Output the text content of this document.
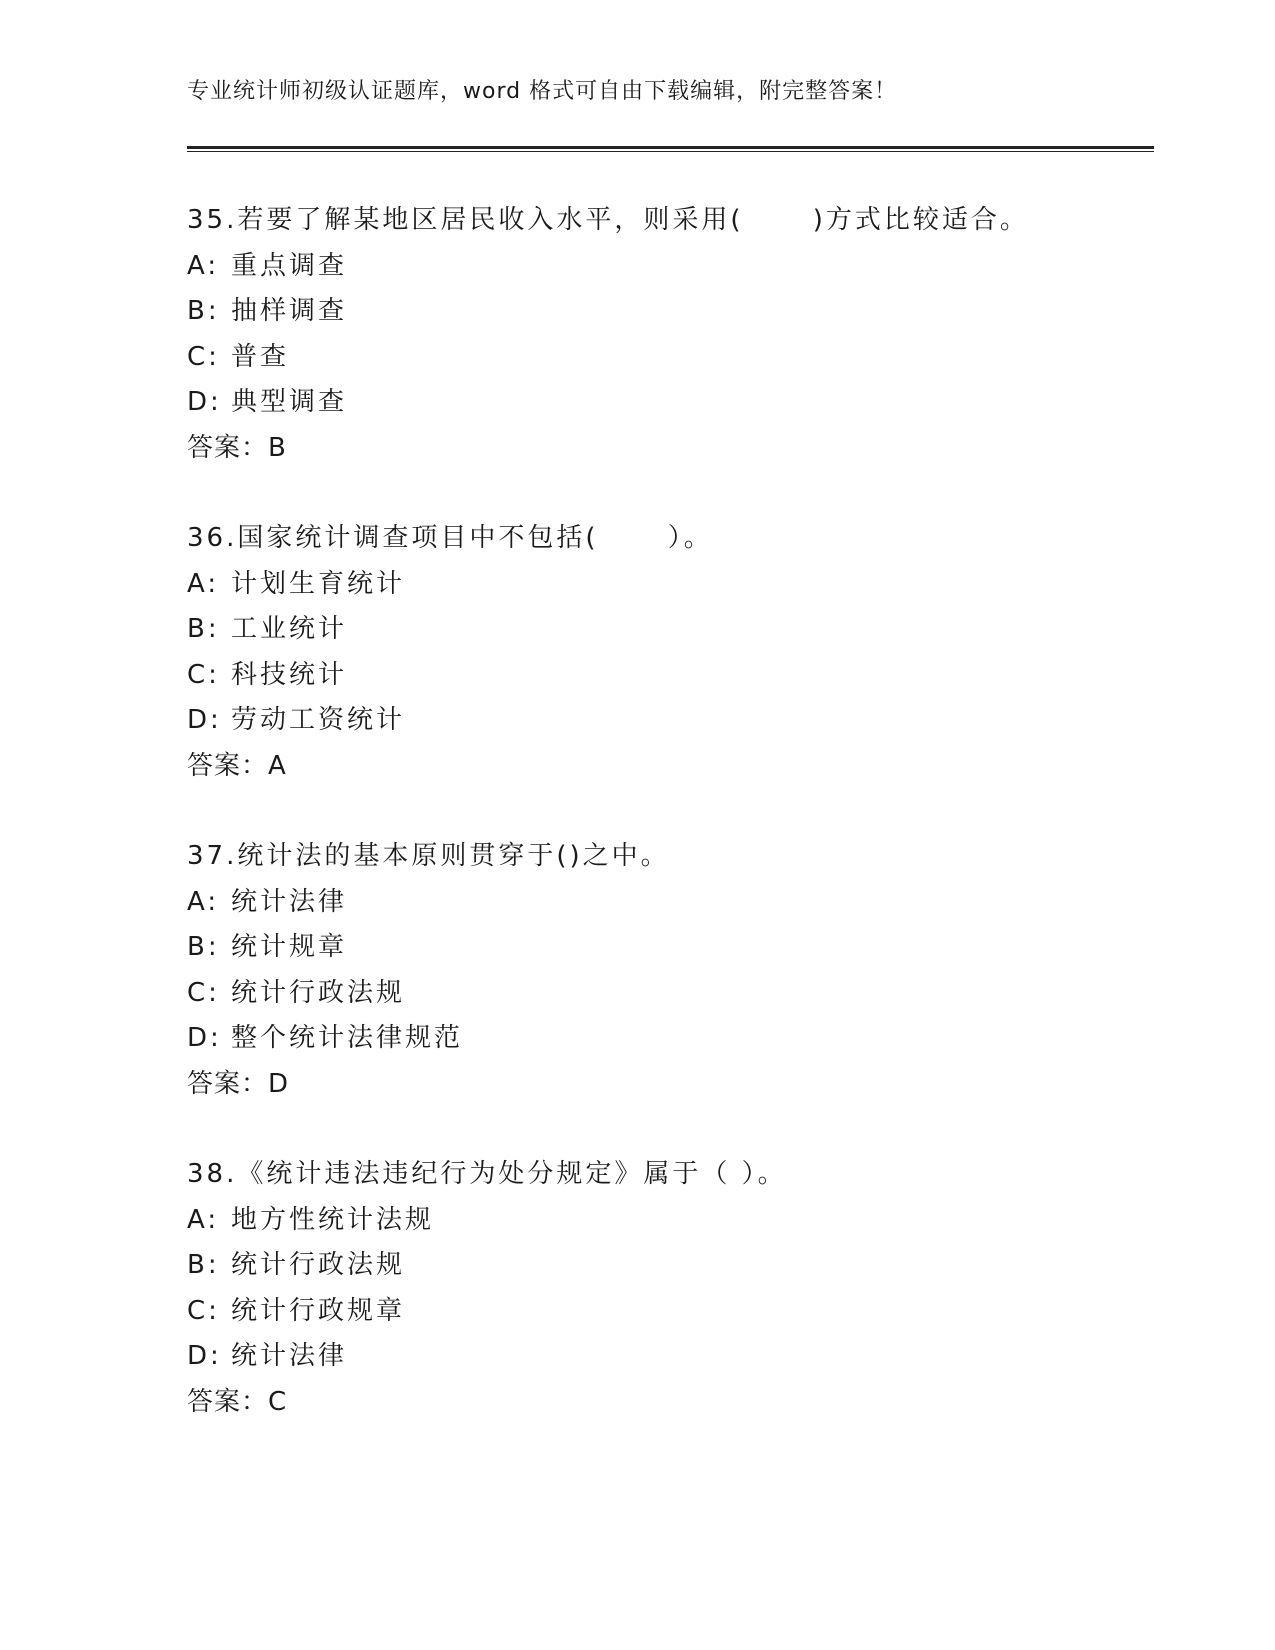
专业统计师初级认证题库，word 格式可自由下载编辑，附完整答案！
35.若要了解某地区居民收入水平，则采用(　　 )方式比较适合。
A: 重点调查
B: 抽样调查
C: 普查
D: 典型调查
答案：B
36.国家统计调查项目中不包括(　　 ）。
A: 计划生育统计
B: 工业统计
C: 科技统计
D: 劳动工资统计
答案：A
37.统计法的基本原则贯穿于()之中。
A: 统计法律
B: 统计规章
C: 统计行政法规
D: 整个统计法律规范
答案：D
38.《统计违法违纪行为处分规定》属于（ ）。
A: 地方性统计法规
B: 统计行政法规
C: 统计行政规章
D: 统计法律
答案：C
